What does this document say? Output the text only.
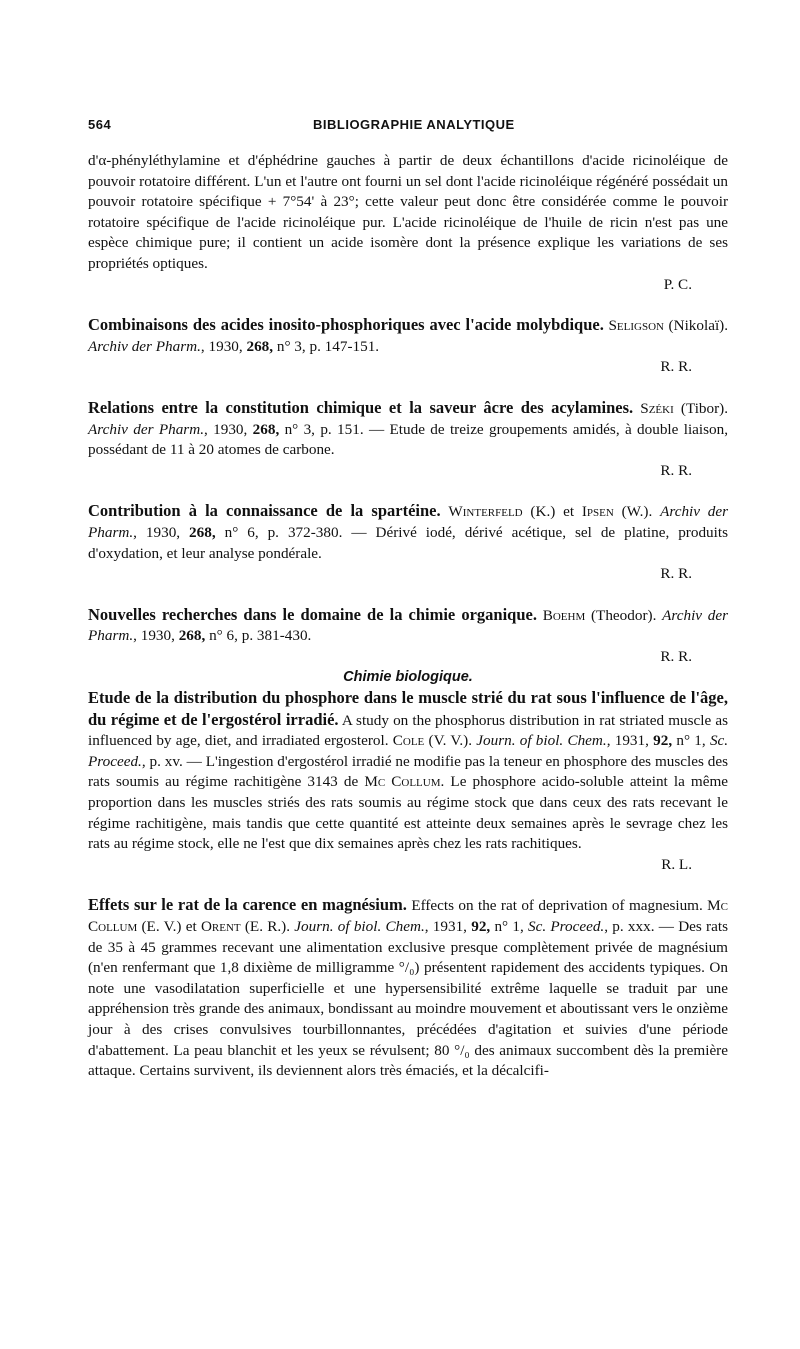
564	BIBLIOGRAPHIE ANALYTIQUE

d'α-phényléthylamine et d'éphédrine gauches à partir de deux échantillons d'acide ricinoléique de pouvoir rotatoire différent. L'un et l'autre ont fourni un sel dont l'acide ricinoléique régénéré possédait un pouvoir rotatoire spécifique + 7°54' à 23°; cette valeur peut donc être considérée comme le pouvoir rotatoire spécifique de l'acide ricinoléique pur. L'acide ricinoléique de l'huile de ricin n'est pas une espèce chimique pure; il contient un acide isomère dont la présence explique les variations de ses propriétés optiques.

P. C.

Combinaisons des acides inosito-phosphoriques avec l'acide molybdique. Seligson (Nikolaï). Archiv der Pharm., 1930, 268, n° 3, p. 147-151.

R. R.

Relations entre la constitution chimique et la saveur âcre des acylamines. Széki (Tibor). Archiv der Pharm., 1930, 268, n° 3, p. 151. — Etude de treize groupements amidés, à double liaison, possédant de 11 à 20 atomes de carbone.

R. R.

Contribution à la connaissance de la spartéine. Winterfeld (K.) et Ipsen (W.). Archiv der Pharm., 1930, 268, n° 6, p. 372-380. — Dérivé iodé, dérivé acétique, sel de platine, produits d'oxydation, et leur analyse pondérale.

R. R.

Nouvelles recherches dans le domaine de la chimie organique. Boehm (Theodor). Archiv der Pharm., 1930, 268, n° 6, p. 381-430.

R. R.

Chimie biologique.

Etude de la distribution du phosphore dans le muscle strié du rat sous l'influence de l'âge, du régime et de l'ergostérol irradié. A study on the phosphorus distribution in rat striated muscle as influenced by age, diet, and irradiated ergosterol. Cole (V. V.). Journ. of biol. Chem., 1931, 92, n° 1, Sc. Proceed., p. xv. — L'ingestion d'ergostérol irradié ne modifie pas la teneur en phosphore des muscles des rats soumis au régime rachitigène 3143 de Mc Collum. Le phosphore acido-soluble atteint la même proportion dans les muscles striés des rats soumis au régime stock que dans ceux des rats recevant le régime rachitigène, mais tandis que cette quantité est atteinte deux semaines après le sevrage chez les rats au régime stock, elle ne l'est que dix semaines après chez les rats rachitiques.

R. L.

Effets sur le rat de la carence en magnésium. Effects on the rat of deprivation of magnesium. Mc Collum (E. V.) et Orent (E. R.). Journ. of biol. Chem., 1931, 92, n° 1, Sc. Proceed., p. xxx. — Des rats de 35 à 45 grammes recevant une alimentation exclusive presque complètement privée de magnésium (n'en renfermant que 1,8 dixième de milligramme °/₀) présentent rapidement des accidents typiques. On note une vasodilatation superficielle et une hypersensibilité extrême laquelle se traduit par une appréhension très grande des animaux, bondissant au moindre mouvement et aboutissant vers le onzième jour à des crises convulsives tourbillonnantes, précédées d'agitation et suivies d'une période d'abattement. La peau blanchit et les yeux se révulsent; 80 °/₀ des animaux succombent dès la première attaque. Certains survivent, ils deviennent alors très émaciés, et la décalcifi-
